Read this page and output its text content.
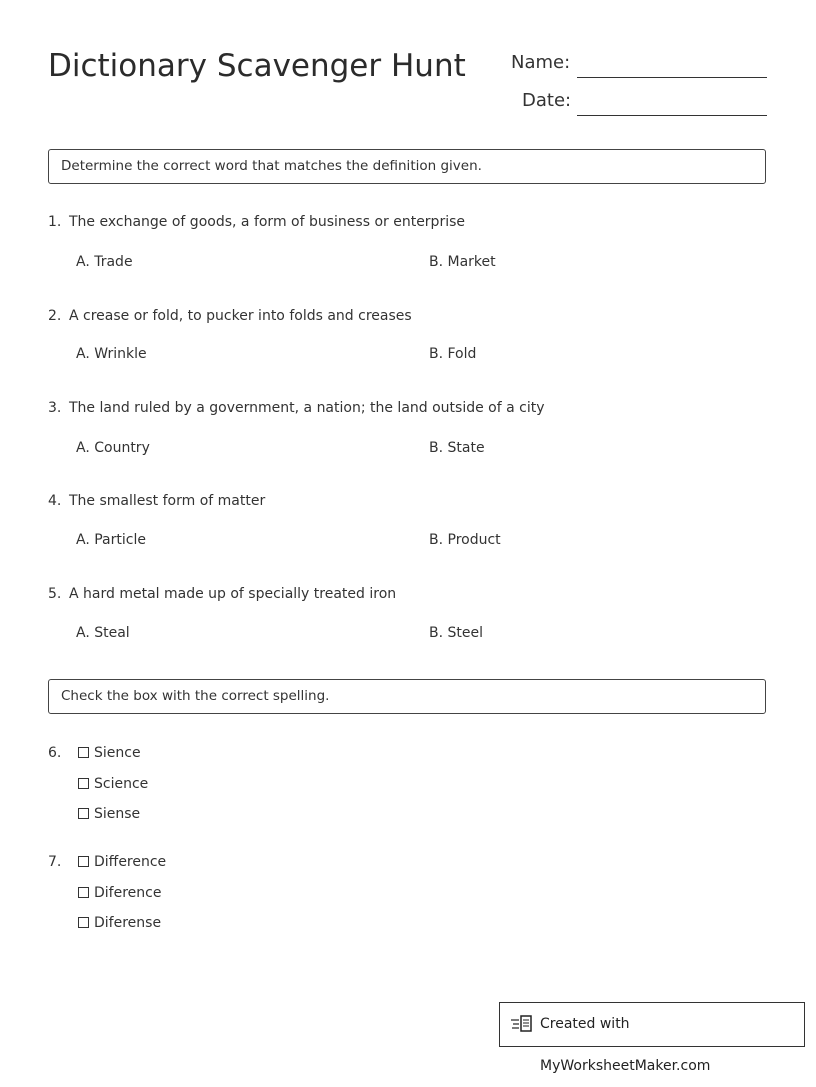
Dictionary Scavenger Hunt	Name:
Date:
Determine the correct word that matches the definition given.
1. The exchange of goods, a form of business or enterprise
A. Trade	B. Market
2. A crease or fold, to pucker into folds and creases
A. Wrinkle	B. Fold
3. The land ruled by a government, a nation; the land outside of a city
A. Country	B. State
4. The smallest form of matter
A. Particle	B. Product
5. A hard metal made up of specially treated iron
A. Steal	B. Steel
Check the box with the correct spelling.
6.	Sience
Science
Siense
7.	Difference
Diference
Diferense
Created with MyWorksheetMaker.com
